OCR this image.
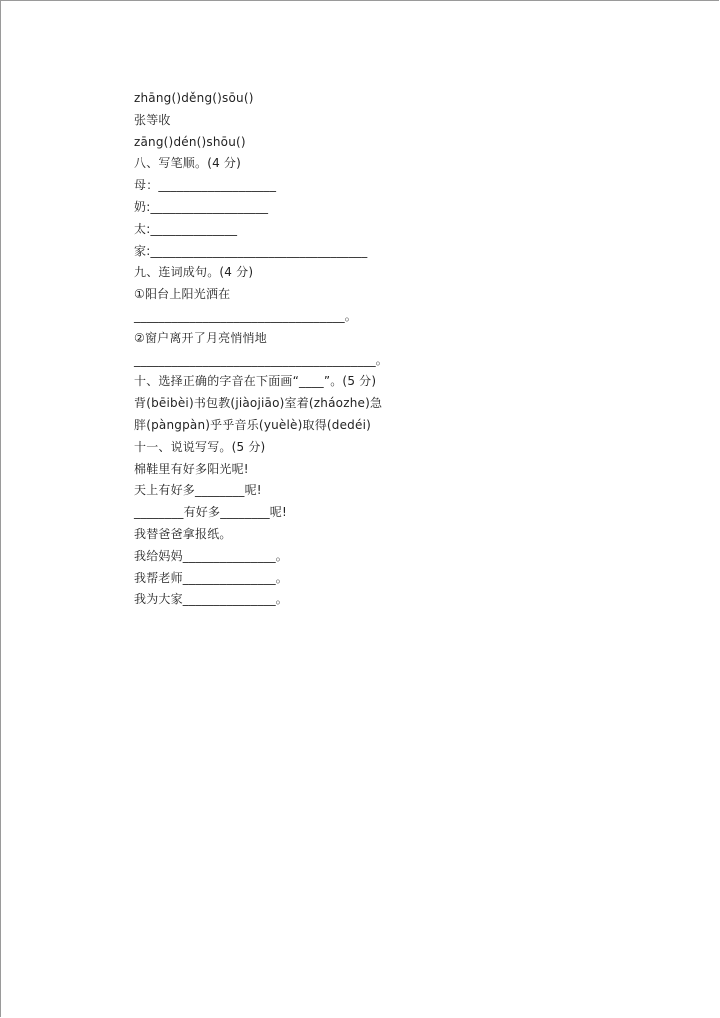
zhāng()děng()sōu()
张等收
zāng()dén()shōu()
八、写笔顺。(4 分)
母：___________________
奶:___________________
太:______________
家:___________________________________
九、连词成句。(4 分)
①阳台上阳光洒在
__________________________________。
②窗户离开了月亮悄悄地
_______________________________________。
十、选择正确的字音在下面画“____”。(5 分)
背(bēibèi)书包教(jiàojiāo)室着(zháozhe)急
胖(pàngpàn)乎乎音乐(yuèlè)取得(dedéi)
十一、说说写写。(5 分)
棉鞋里有好多阳光呢!
天上有好多________呢!
________有好多________呢!
我替爸爸拿报纸。
我给妈妈_______________。
我帮老师_______________。
我为大家_______________。
